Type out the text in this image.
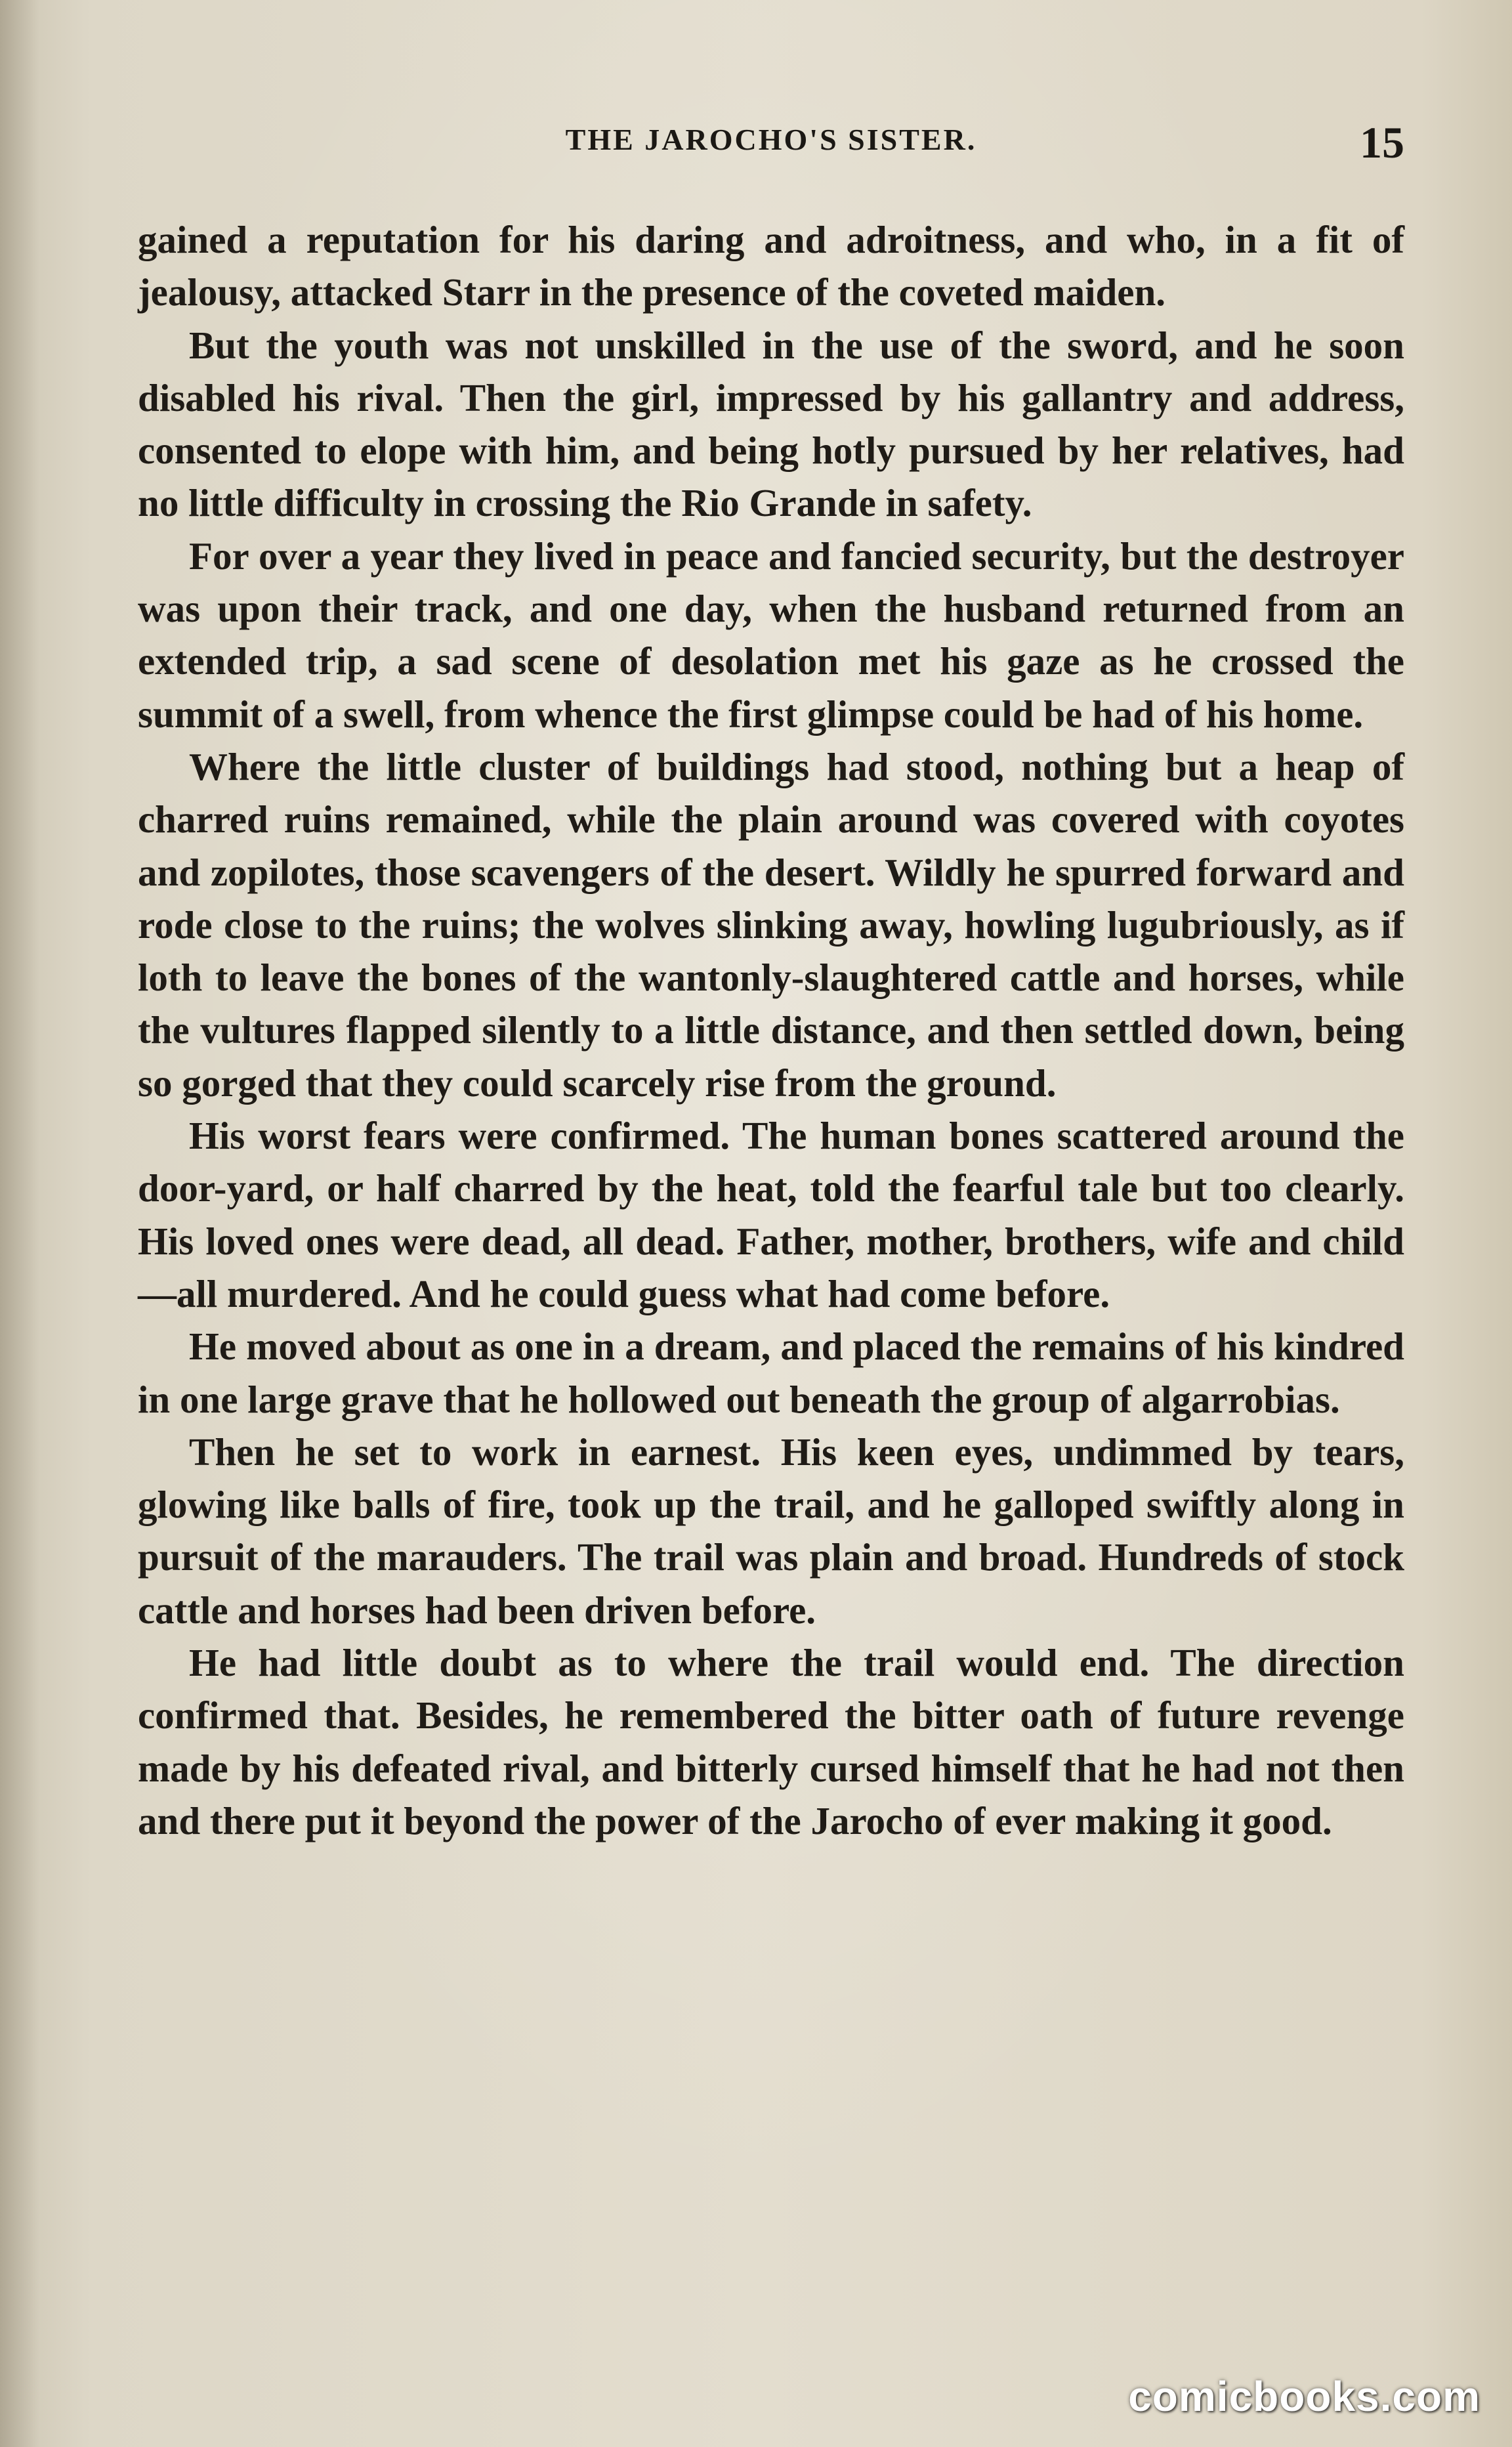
THE JAROCHO'S SISTER.	15

gained a reputation for his daring and adroitness, and who, in a fit of jealousy, attacked Starr in the presence of the coveted maiden.

But the youth was not unskilled in the use of the sword, and he soon disabled his rival. Then the girl, impressed by his gallantry and address, consented to elope with him, and being hotly pursued by her relatives, had no little difficulty in crossing the Rio Grande in safety.

For over a year they lived in peace and fancied security, but the destroyer was upon their track, and one day, when the husband returned from an extended trip, a sad scene of desolation met his gaze as he crossed the summit of a swell, from whence the first glimpse could be had of his home.

Where the little cluster of buildings had stood, nothing but a heap of charred ruins remained, while the plain around was covered with coyotes and zopilotes, those scavengers of the desert. Wildly he spurred forward and rode close to the ruins; the wolves slinking away, howling lugubriously, as if loth to leave the bones of the wantonly-slaughtered cattle and horses, while the vultures flapped silently to a little distance, and then settled down, being so gorged that they could scarcely rise from the ground.

His worst fears were confirmed. The human bones scattered around the door-yard, or half charred by the heat, told the fearful tale but too clearly. His loved ones were dead, all dead. Father, mother, brothers, wife and child—all murdered. And he could guess what had come before.

He moved about as one in a dream, and placed the remains of his kindred in one large grave that he hollowed out beneath the group of algarrobias.

Then he set to work in earnest. His keen eyes, undimmed by tears, glowing like balls of fire, took up the trail, and he galloped swiftly along in pursuit of the marauders. The trail was plain and broad. Hundreds of stock cattle and horses had been driven before.

He had little doubt as to where the trail would end. The direction confirmed that. Besides, he remembered the bitter oath of future revenge made by his defeated rival, and bitterly cursed himself that he had not then and there put it beyond the power of the Jarocho of ever making it good.

comicbooks.com
